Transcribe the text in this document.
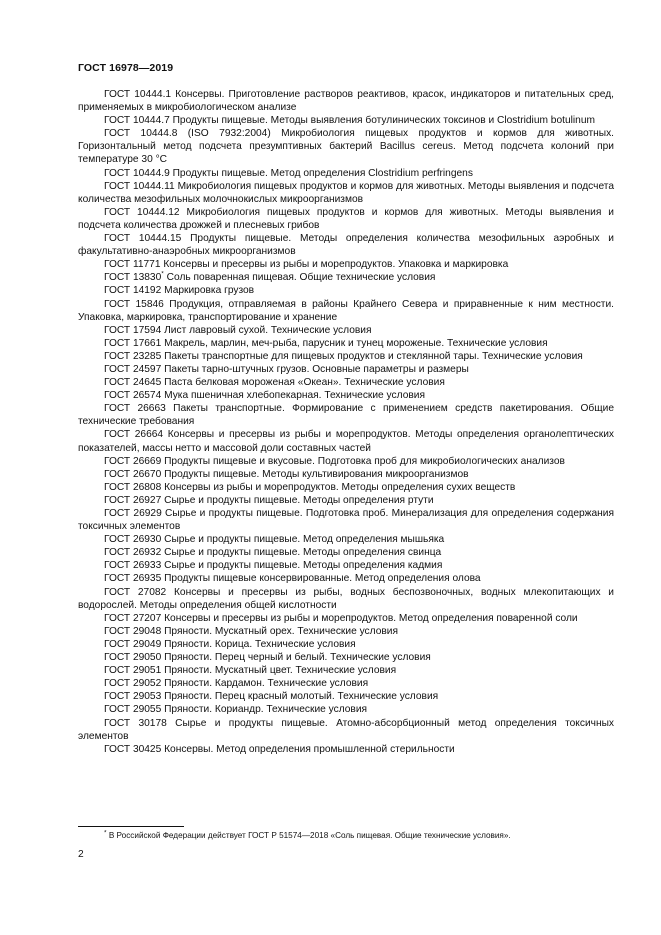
ГОСТ 16978—2019

ГОСТ 10444.1 Консервы. Приготовление растворов реактивов, красок, индикаторов и питательных сред, применяемых в микробиологическом анализе

ГОСТ 10444.7 Продукты пищевые. Методы выявления ботулинических токсинов и Clostridium botulinum

ГОСТ 10444.8 (ISO 7932:2004) Микробиология пищевых продуктов и кормов для животных. Горизонтальный метод подсчета презумптивных бактерий Bacillus cereus. Метод подсчета колоний при температуре 30 °С

ГОСТ 10444.9 Продукты пищевые. Метод определения Clostridium perfringens

ГОСТ 10444.11 Микробиология пищевых продуктов и кормов для животных. Методы выявления и подсчета количества мезофильных молочнокислых микроорганизмов

ГОСТ 10444.12 Микробиология пищевых продуктов и кормов для животных. Методы выявления и подсчета количества дрожжей и плесневых грибов

ГОСТ 10444.15 Продукты пищевые. Методы определения количества мезофильных аэробных и факультативно-анаэробных микроорганизмов

ГОСТ 11771 Консервы и пресервы из рыбы и морепродуктов. Упаковка и маркировка

ГОСТ 13830* Соль поваренная пищевая. Общие технические условия

ГОСТ 14192 Маркировка грузов

ГОСТ 15846 Продукция, отправляемая в районы Крайнего Севера и приравненные к ним местности. Упаковка, маркировка, транспортирование и хранение

ГОСТ 17594 Лист лавровый сухой. Технические условия

ГОСТ 17661 Макрель, марлин, меч-рыба, парусник и тунец мороженые. Технические условия

ГОСТ 23285 Пакеты транспортные для пищевых продуктов и стеклянной тары. Технические условия

ГОСТ 24597 Пакеты тарно-штучных грузов. Основные параметры и размеры

ГОСТ 24645 Паста белковая мороженая «Океан». Технические условия

ГОСТ 26574 Мука пшеничная хлебопекарная. Технические условия

ГОСТ 26663 Пакеты транспортные. Формирование с применением средств пакетирования. Общие технические требования

ГОСТ 26664 Консервы и пресервы из рыбы и морепродуктов. Методы определения органолептических показателей, массы нетто и массовой доли составных частей

ГОСТ 26669 Продукты пищевые и вкусовые. Подготовка проб для микробиологических анализов

ГОСТ 26670 Продукты пищевые. Методы культивирования микроорганизмов

ГОСТ 26808 Консервы из рыбы и морепродуктов. Методы определения сухих веществ

ГОСТ 26927 Сырье и продукты пищевые. Методы определения ртути

ГОСТ 26929 Сырье и продукты пищевые. Подготовка проб. Минерализация для определения содержания токсичных элементов

ГОСТ 26930 Сырье и продукты пищевые. Метод определения мышьяка

ГОСТ 26932 Сырье и продукты пищевые. Методы определения свинца

ГОСТ 26933 Сырье и продукты пищевые. Методы определения кадмия

ГОСТ 26935 Продукты пищевые консервированные. Метод определения олова

ГОСТ 27082 Консервы и пресервы из рыбы, водных беспозвоночных, водных млекопитающих и водорослей. Методы определения общей кислотности

ГОСТ 27207 Консервы и пресервы из рыбы и морепродуктов. Метод определения поваренной соли

ГОСТ 29048 Пряности. Мускатный орех. Технические условия

ГОСТ 29049 Пряности. Корица. Технические условия

ГОСТ 29050 Пряности. Перец черный и белый. Технические условия

ГОСТ 29051 Пряности. Мускатный цвет. Технические условия

ГОСТ 29052 Пряности. Кардамон. Технические условия

ГОСТ 29053 Пряности. Перец красный молотый. Технические условия

ГОСТ 29055 Пряности. Кориандр. Технические условия

ГОСТ 30178 Сырье и продукты пищевые. Атомно-абсорбционный метод определения токсичных элементов

ГОСТ 30425 Консервы. Метод определения промышленной стерильности

* В Российской Федерации действует ГОСТ Р 51574—2018 «Соль пищевая. Общие технические условия».
2
